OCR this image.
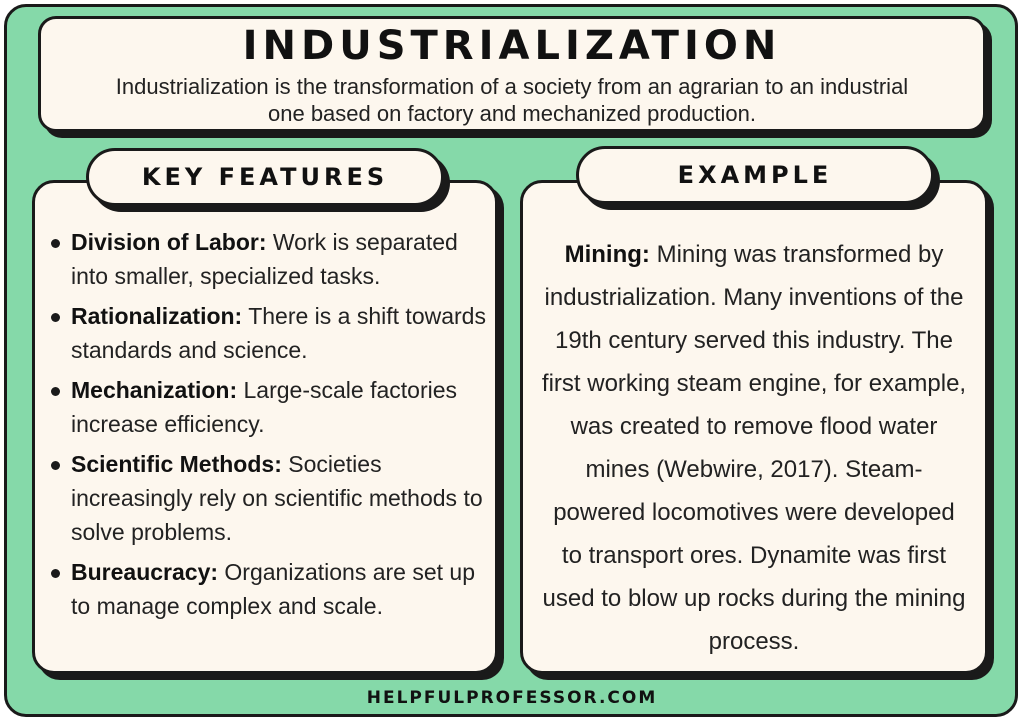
INDUSTRIALIZATION

Industrialization is the transformation of a society from an agrarian to an industrial one based on factory and mechanized production.

Division of Labor: Work is separated into smaller, specialized tasks.
Rationalization: There is a shift towards standards and science.
Mechanization: Large-scale factories increase efficiency.
Scientific Methods: Societies increasingly rely on scientific methods to solve problems.
Bureaucracy: Organizations are set up to manage complex and scale.
KEY FEATURES

Mining: Mining was transformed by industrialization. Many inventions of the 19th century served this industry. The first working steam engine, for example, was created to remove flood water mines (Webwire, 2017). Steam-powered locomotives were developed to transport ores. Dynamite was first used to blow up rocks during the mining process.

EXAMPLE
HELPFULPROFESSOR.COM
